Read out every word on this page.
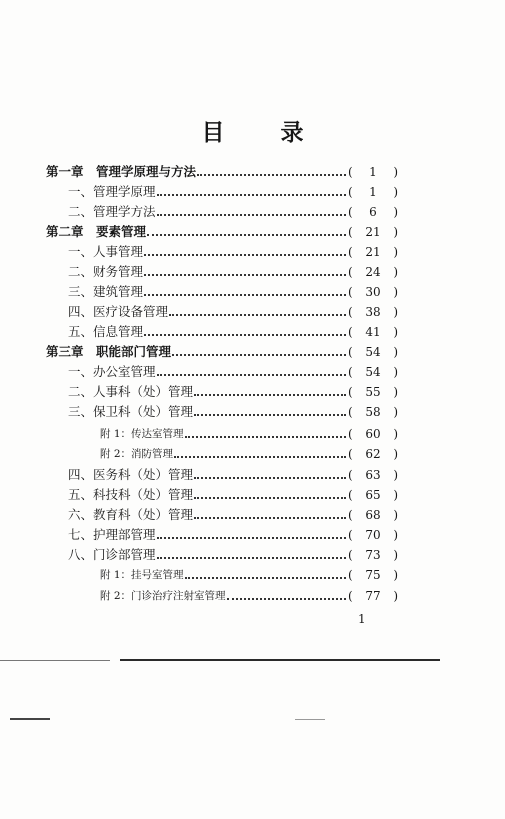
目 录
第一章 管理学原理与方法	(	1	)
一、管理学原理	(	1	)
二、管理学方法	(	6	)
第二章 要素管理	(	21	)
一、人事管理	(	21	)
二、财务管理	(	24	)
三、建筑管理	(	30	)
四、医疗设备管理	(	38	)
五、信息管理	(	41	)
第三章 职能部门管理	(	54	)
一、办公室管理	(	54	)
二、人事科（处）管理	(	55	)
三、保卫科（处）管理	(	58	)
附 1：传达室管理	(	60	)
附 2：消防管理	(	62	)
四、医务科（处）管理	(	63	)
五、科技科（处）管理	(	65	)
六、教育科（处）管理	(	68	)
七、护理部管理	(	70	)
八、门诊部管理	(	73	)
附 1：挂号室管理	(	75	)
附 2：门诊治疗注射室管理	(	77	)
1
